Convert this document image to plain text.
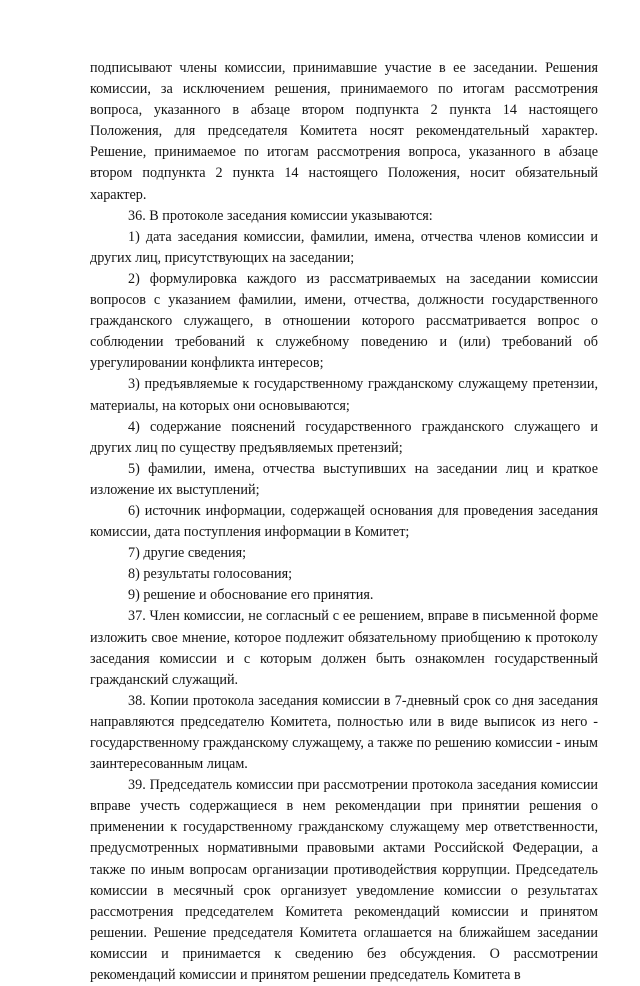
подписывают члены комиссии, принимавшие участие в ее заседании. Решения комиссии, за исключением решения, принимаемого по итогам рассмотрения вопроса, указанного в абзаце втором подпункта 2 пункта 14 настоящего Положения, для председателя Комитета носят рекомендательный характер. Решение, принимаемое по итогам рассмотрения вопроса, указанного в абзаце втором подпункта 2 пункта 14 настоящего Положения, носит обязательный характер.

36. В протоколе заседания комиссии указываются:

1) дата заседания комиссии, фамилии, имена, отчества членов комиссии и других лиц, присутствующих на заседании;

2) формулировка каждого из рассматриваемых на заседании комиссии вопросов с указанием фамилии, имени, отчества, должности государственного гражданского служащего, в отношении которого рассматривается вопрос о соблюдении требований к служебному поведению и (или) требований об урегулировании конфликта интересов;

3) предъявляемые к государственному гражданскому служащему претензии, материалы, на которых они основываются;

4) содержание пояснений государственного гражданского служащего и других лиц по существу предъявляемых претензий;

5) фамилии, имена, отчества выступивших на заседании лиц и краткое изложение их выступлений;

6) источник информации, содержащей основания для проведения заседания комиссии, дата поступления информации в Комитет;

7) другие сведения;

8) результаты голосования;

9) решение и обоснование его принятия.

37. Член комиссии, не согласный с ее решением, вправе в письменной форме изложить свое мнение, которое подлежит обязательному приобщению к протоколу заседания комиссии и с которым должен быть ознакомлен государственный гражданский служащий.

38. Копии протокола заседания комиссии в 7-дневный срок со дня заседания направляются председателю Комитета, полностью или в виде выписок из него - государственному гражданскому служащему, а также по решению комиссии - иным заинтересованным лицам.

39. Председатель комиссии при рассмотрении протокола заседания комиссии вправе учесть содержащиеся в нем рекомендации при принятии решения о применении к государственному гражданскому служащему мер ответственности, предусмотренных нормативными правовыми актами Российской Федерации, а также по иным вопросам организации противодействия коррупции. Председатель комиссии в месячный срок организует уведомление комиссии о результатах рассмотрения председателем Комитета рекомендаций комиссии и принятом решении. Решение председателя Комитета оглашается на ближайшем заседании комиссии и принимается к сведению без обсуждения. О рассмотрении рекомендаций комиссии и принятом решении председатель Комитета в
